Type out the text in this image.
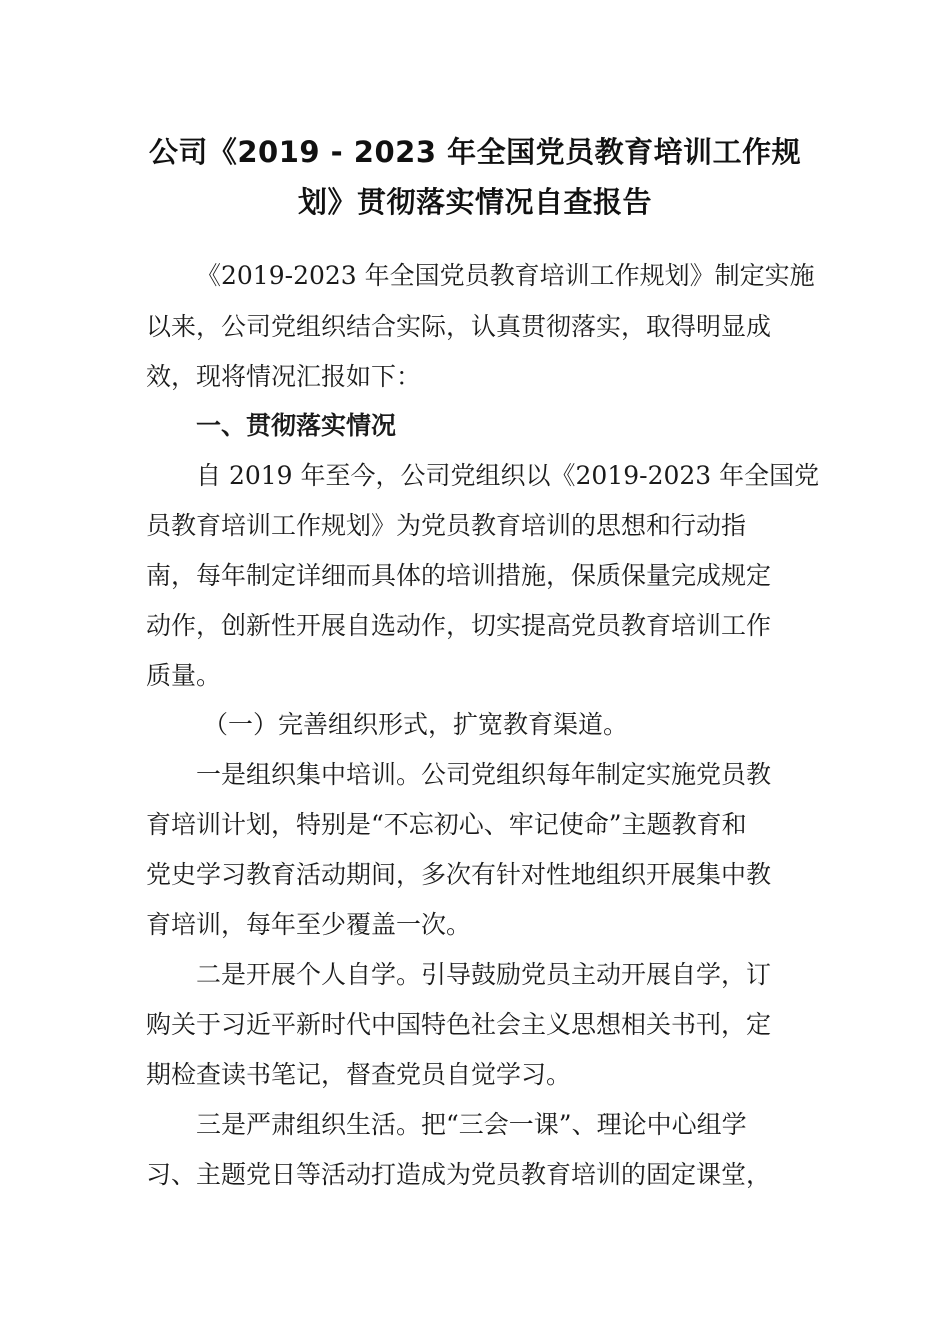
公司《2019 - 2023 年全国党员教育培训工作规
划》贯彻落实情况自查报告

《2019-2023 年全国党员教育培训工作规划》制定实施

以来，公司党组织结合实际，认真贯彻落实，取得明显成

效，现将情况汇报如下：

一、贯彻落实情况

自 2019 年至今，公司党组织以《2019-2023 年全国党

员教育培训工作规划》为党员教育培训的思想和行动指

南，每年制定详细而具体的培训措施，保质保量完成规定

动作，创新性开展自选动作，切实提高党员教育培训工作

质量。

（一）完善组织形式，扩宽教育渠道。

一是组织集中培训。公司党组织每年制定实施党员教

育培训计划，特别是“不忘初心、牢记使命”主题教育和

党史学习教育活动期间，多次有针对性地组织开展集中教

育培训，每年至少覆盖一次。

二是开展个人自学。引导鼓励党员主动开展自学，订

购关于习近平新时代中国特色社会主义思想相关书刊，定

期检查读书笔记，督查党员自觉学习。

三是严肃组织生活。把“三会一课”、理论中心组学

习、主题党日等活动打造成为党员教育培训的固定课堂，
